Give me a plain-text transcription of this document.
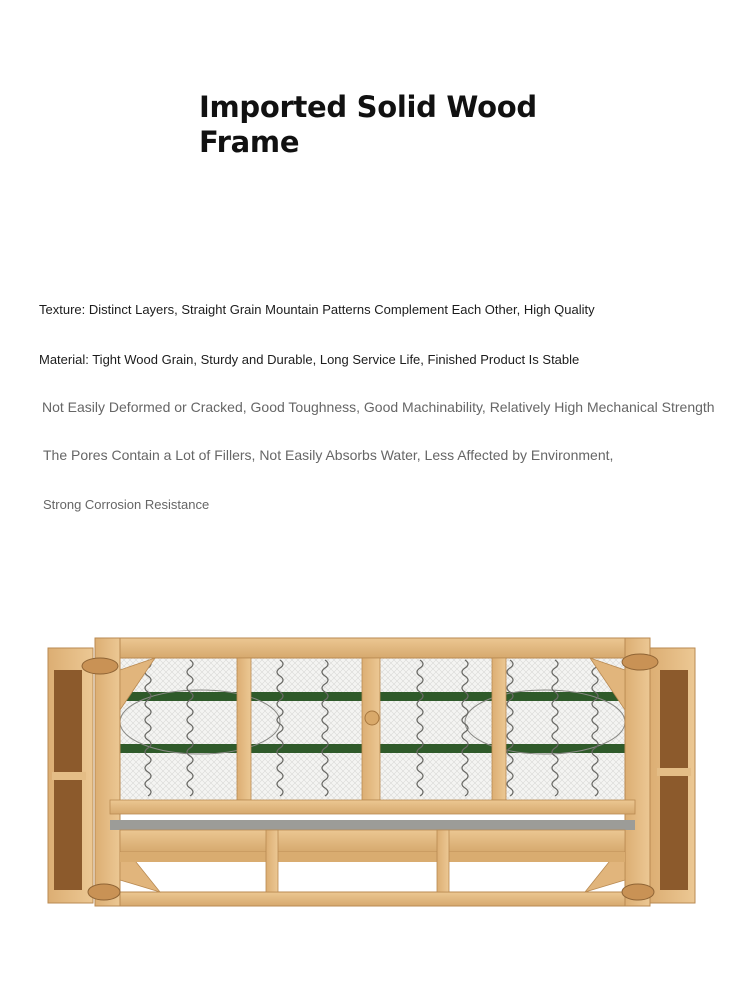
Imported Solid Wood
Frame
Texture: Distinct Layers, Straight Grain Mountain Patterns Complement Each Other, High Quality
Material: Tight Wood Grain, Sturdy and Durable, Long Service Life, Finished Product Is Stable
Not Easily Deformed or Cracked, Good Toughness, Good Machinability, Relatively High Mechanical Strength
The Pores Contain a Lot of Fillers, Not Easily Absorbs Water, Less Affected by Environment,
Strong Corrosion Resistance
